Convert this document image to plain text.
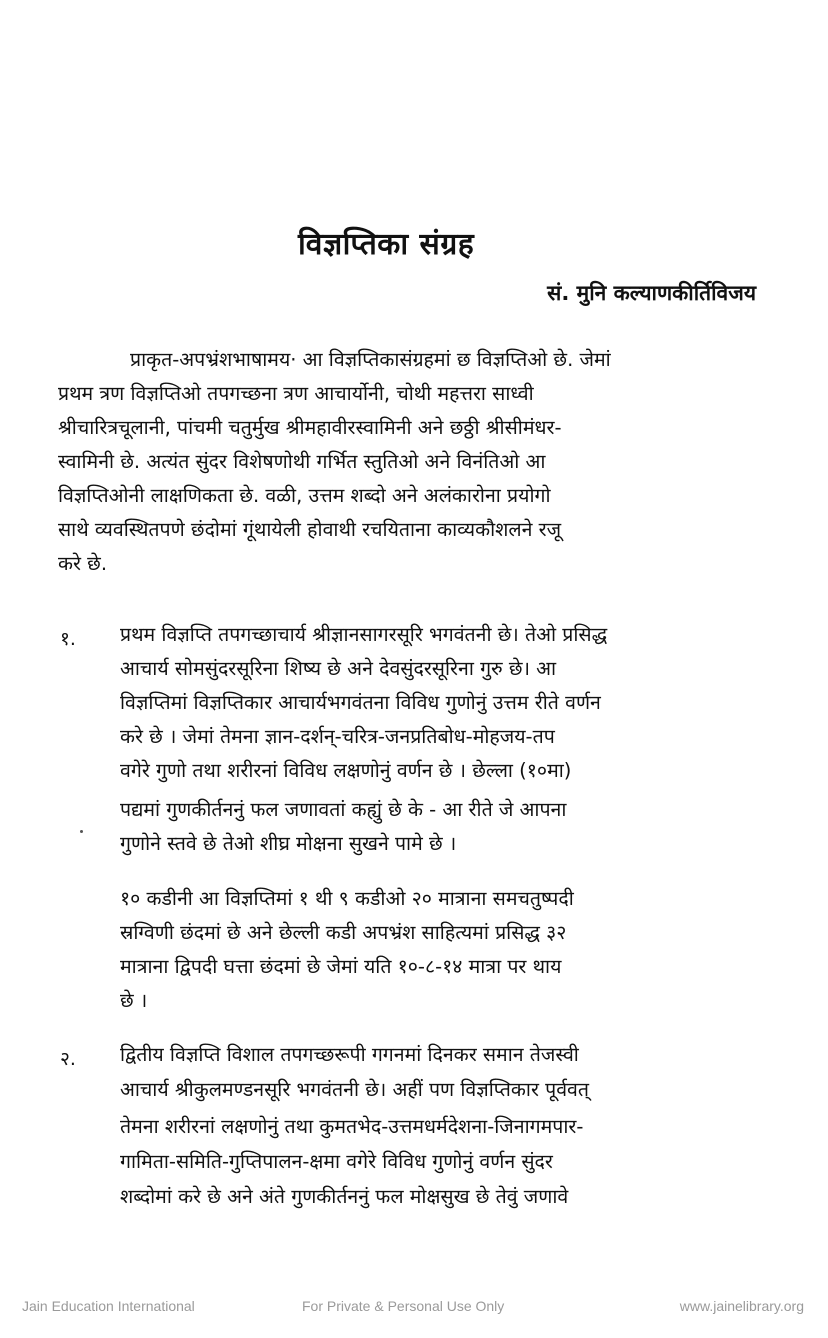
विज्ञप्तिका संग्रह
सं. मुनि कल्याणकीर्तिविजय
प्राकृत-अपभ्रंशभाषामय· आ विज्ञप्तिकासंग्रहमां छ विज्ञप्तिओ छे. जेमां
प्रथम त्रण विज्ञप्तिओ तपगच्छना त्रण आचार्योनी, चोथी महत्तरा साध्वी
श्रीचारित्रचूलानी, पांचमी चतुर्मुख श्रीमहावीरस्वामिनी अने छठ्ठी श्रीसीमंधर-
स्वामिनी छे. अत्यंत सुंदर विशेषणोथी गर्भित स्तुतिओ अने विनंतिओ आ
विज्ञप्तिओनी लाक्षणिकता छे. वळी, उत्तम शब्दो अने अलंकारोना प्रयोगो
साथे व्यवस्थितपणे छंदोमां गूंथायेली होवाथी रचयिताना काव्यकौशलने रजू
करे छे.
१. प्रथम विज्ञप्ति तपगच्छाचार्य श्रीज्ञानसागरसूरि भगवंतनी छे। तेओ प्रसिद्ध
आचार्य सोमसुंदरसूरिना शिष्य छे अने देवसुंदरसूरिना गुरु छे। आ
विज्ञप्तिमां विज्ञप्तिकार आचार्यभगवंतना विविध गुणोनुं उत्तम रीते वर्णन
करे छे । जेमां तेमना ज्ञान-दर्शन्-चरित्र-जनप्रतिबोध-मोहजय-तप
वगेरे गुणो तथा शरीरनां विविध लक्षणोनुं वर्णन छे । छेल्ला (१०मा)
पद्यमां गुणकीर्तननुं फल जणावतां कह्युं छे के - आ रीते जे आपना
गुणोने स्तवे छे तेओ शीघ्र मोक्षना सुखने पामे छे ।
१० कडीनी आ विज्ञप्तिमां १ थी ९ कडीओ २० मात्राना समचतुष्पदी
स्रग्विणी छंदमां छे अने छेल्ली कडी अपभ्रंश साहित्यमां प्रसिद्ध ३२
मात्राना द्विपदी घत्ता छंदमां छे जेमां यति १०-८-१४ मात्रा पर थाय
छे ।
२. द्वितीय विज्ञप्ति विशाल तपगच्छरूपी गगनमां दिनकर समान तेजस्वी
आचार्य श्रीकुलमण्डनसूरि भगवंतनी छे। अहीं पण विज्ञप्तिकार पूर्ववत्
तेमना शरीरनां लक्षणोनुं तथा कुमतभेद-उत्तमधर्मदेशना-जिनागमपार-
गामिता-समिति-गुप्तिपालन-क्षमा वगेरे विविध गुणोनुं वर्णन सुंदर
शब्दोमां करे छे अने अंते गुणकीर्तननुं फल मोक्षसुख छे तेवुं जणावे
Jain Education International	For Private & Personal Use Only	www.jainelibrary.org
